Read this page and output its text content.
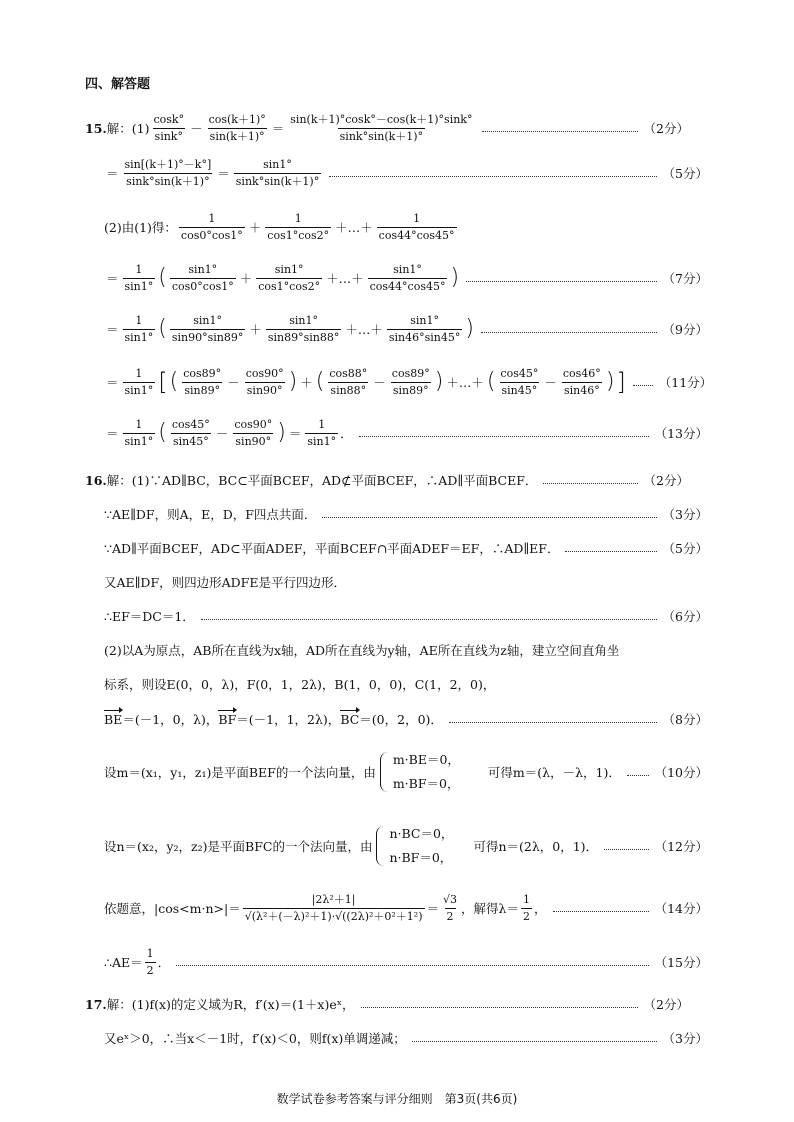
四、解答题
15. 解：$(1) \frac{\cos k^\circ}{\sin k^\circ} - \frac{\cos(k+1)^\circ}{\sin(k+1)^\circ} = \frac{\sin(k+1)^\circ\cos k^\circ-\cos(k+1)^\circ\sin k^\circ}{\sin k^\circ\sin(k+1)^\circ}$	（2分）
＝ $\frac{\sin[(k+1)^\circ-k^\circ]}{\sin k^\circ\sin(k+1)^\circ} = \frac{\sin 1^\circ}{\sin k^\circ\sin(k+1)^\circ}$	（5分）
(2)由(1)得： $\frac{1}{\cos 0^\circ\cos 1^\circ} + \frac{1}{\cos 1^\circ\cos 2^\circ}$ ＋…＋ $\frac{1}{\cos 44^\circ\cos 45^\circ}$
＝ $\frac{1}{\sin 1^\circ}$ ( $\frac{\sin 1^\circ}{\cos 0^\circ\cos 1^\circ} + \frac{\sin 1^\circ}{\cos 1^\circ\cos 2^\circ}$ ＋…＋ $\frac{\sin 1^\circ}{\cos 44^\circ\cos 45^\circ}$ )	（7分）
＝ $\frac{1}{\sin 1^\circ}$ ( $\frac{\sin 1^\circ}{\sin 90^\circ\sin 89^\circ} + \frac{\sin 1^\circ}{\sin 89^\circ\sin 88^\circ}$ ＋…＋ $\frac{\sin 1^\circ}{\sin 46^\circ\sin 45^\circ}$ )	（9分）
＝ $\frac{1}{\sin 1^\circ}$ [ ( $\frac{\cos 89^\circ}{\sin 89^\circ} - \frac{\cos 90^\circ}{\sin 90^\circ}$ ) ＋ ( $\frac{\cos 88^\circ}{\sin 88^\circ} - \frac{\cos 89^\circ}{\sin 89^\circ}$ ) ＋…＋ ( $\frac{\cos 45^\circ}{\sin 45^\circ} - \frac{\cos 46^\circ}{\sin 46^\circ}$ ) ]	（11分）
＝ $\frac{1}{\sin 1^\circ}$ ( $\frac{\cos 45^\circ}{\sin 45^\circ} - \frac{\cos 90^\circ}{\sin 90^\circ}$ ) ＝ $\frac{1}{\sin 1^\circ}$ ．	（13分）
16. 解：(1)∵AD∥BC，BC⊂平面BCEF，AD⊄平面BCEF，∴AD∥平面BCEF．	（2分）
∵AE∥DF，则A，E，D，F四点共面．	（3分）
∵AD∥平面BCEF，AD⊂平面ADEF，平面BCEF∩平面ADEF＝EF，∴AD∥EF．	（5分）
又AE∥DF，则四边形ADFE是平行四边形．
∴EF＝DC＝1．	（6分）
(2)以A为原点，AB所在直线为x轴，AD所在直线为y轴，AE所在直线为z轴，建立空间直角坐
标系，则设E(0，0，λ)，F(0，1，2λ)，B(1，0，0)，C(1，2，0)，
BE ＝(－1，0，λ)， BF ＝(－1，1，2λ)， BC ＝(0，2，0)．	（8分）
设m＝(x₁，y₁，z₁)是平面BEF的一个法向量，由
m·BE＝0，
m·BF＝0，
可得m＝(λ，－λ，1)．	（10分）
设n＝(x₂，y₂，z₂)是平面BFC的一个法向量，由
n·BC＝0，
n·BF＝0，
可得n＝(2λ，0，1)．	（12分）
依题意，$|\cos<m\cdot n>|= \frac{\text{|2λ²＋1|}}{\text{√(λ²＋(－λ)²＋1)·√((2λ)²＋0²＋1²)}} = \frac{√3}{2}$ ，解得$\lambda= \frac{1}{2}$ ，	（14分）
∴AE＝ $\frac{1}{2}$ ．	（15分）
17. 解：(1)f(x)的定义域为R，f′(x)＝(1＋x)eˣ，	（2分）
又eˣ＞0，∴当x＜－1时，f′(x)＜0，则f(x)单调递减；	（3分）
数学试卷参考答案与评分细则　第3页(共6页)
